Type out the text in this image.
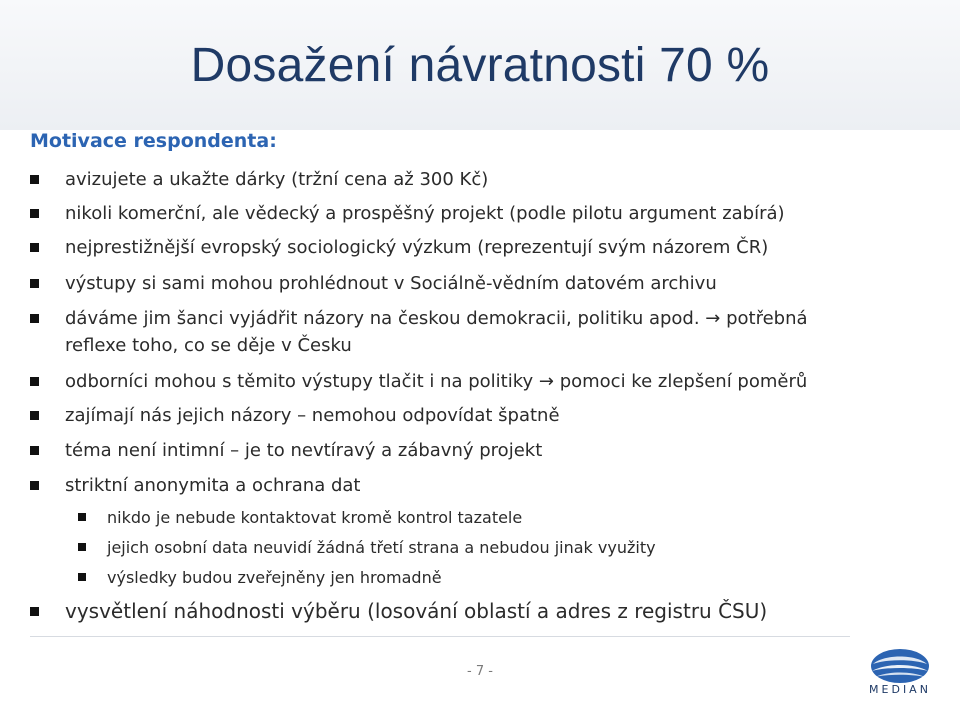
Dosažení návratnosti 70 %
Motivace respondenta:
avizujete a ukažte dárky (tržní cena až 300 Kč)
nikoli komerční, ale vědecký a prospěšný projekt (podle pilotu argument zabírá)
nejprestižnější evropský sociologický výzkum (reprezentují svým názorem ČR)
výstupy si sami mohou prohlédnout v Sociálně-vědním datovém archivu
dáváme jim šanci vyjádřit názory na českou demokracii, politiku apod. → potřebná reflexe toho, co se děje v Česku
odborníci mohou s těmito výstupy tlačit i na politiky → pomoci ke zlepšení poměrů
zajímají nás jejich názory – nemohou odpovídat špatně
téma není intimní – je to nevtíravý a zábavný projekt
striktní anonymita a ochrana dat
nikdo je nebude kontaktovat kromě kontrol tazatele
jejich osobní data neuvidí žádná třetí strana a nebudou jinak využity
výsledky budou zveřejněny jen hromadně
vysvětlení náhodnosti výběru (losování oblastí a adres z registru ČSU)
- 7 -
MEDIAN
